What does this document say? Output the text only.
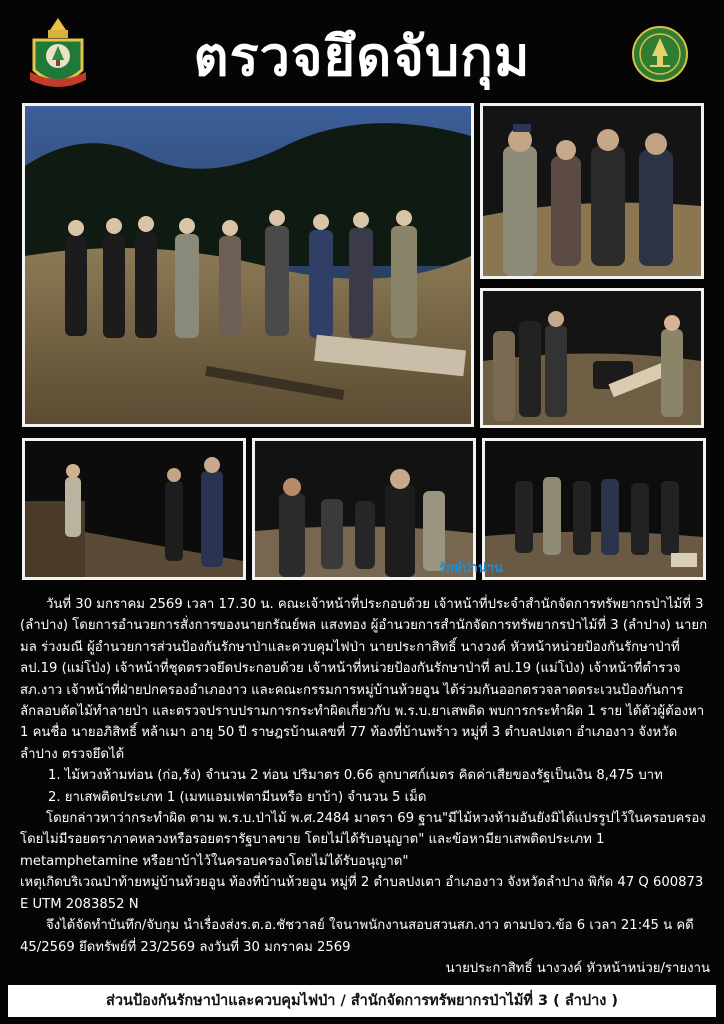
ตรวจยึดจับกุม
รักษ์ป่าน่าน

วันที่ 30 มกราคม 2569 เวลา 17.30 น. คณะเจ้าหน้าที่ประกอบด้วย เจ้าหน้าที่ประจำสำนักจัดการทรัพยากรป่าไม้ที่ 3 (ลำปาง) โดยการอำนวยการสั่งการของนายกรัณย์พล แสงทอง ผู้อำนวยการสำนักจัดการทรัพยากรป่าไม้ที่ 3 (ลำปาง) นายกมล ร่วงมณี ผู้อำนวยการส่วนป้องกันรักษาป่าและควบคุมไฟป่า นายประกาสิทธิ์ นางวงค์ หัวหน้าหน่วยป้องกันรักษาป่าที่ ลป.19 (แม่โป่ง) เจ้าหน้าที่ชุดตรวจยึดประกอบด้วย เจ้าหน้าที่หน่วยป้องกันรักษาป่าที่ ลป.19 (แม่โป่ง) เจ้าหน้าที่ตำรวจ สภ.งาว เจ้าหน้าที่ฝ่ายปกครองอำเภองาว และคณะกรรมการหมู่บ้านห้วยอูน ได้ร่วมกันออกตรวจลาดตระเวนป้องกันการลักลอบตัดไม้ทำลายป่า และตรวจปราบปรามการกระทำผิดเกี่ยวกับ พ.ร.บ.ยาเสพติด พบการกระทำผิด 1 ราย ได้ตัวผู้ต้องหา 1 คนชื่อ นายอภิสิทธิ์ หล้าเมา อายุ 50 ปี ราษฎรบ้านเลขที่ 77 ท้องที่บ้านพร้าว หมู่ที่ 3 ตำบลปงเตา อำเภองาว จังหวัดลำปาง ตรวจยึดได้

1. ไม้หวงห้ามท่อน (ก่อ,รัง) จำนวน 2 ท่อน ปริมาตร 0.66 ลูกบาศก์เมตร คิดค่าเสียของรัฐเป็นเงิน 8,475 บาท

2. ยาเสพติดประเภท 1 (เมทแอมเฟตามีนหรือ ยาบ้า) จำนวน 5 เม็ด

โดยกล่าวหาว่ากระทำผิด ตาม พ.ร.บ.ป่าไม้ พ.ศ.2484 มาตรา 69 ฐาน"มีไม้หวงห้ามอันยังมิได้แปรรูปไว้ในครอบครองโดยไม่มีรอยตราภาคหลวงหรือรอยตรารัฐบาลขาย โดยไม่ได้รับอนุญาต" และข้อหามียาเสพติดประเภท 1 metamphetamine หรือยาบ้าไว้ในครอบครองโดยไม่ได้รับอนุญาต"

เหตุเกิดบริเวณป่าท้ายหมู่บ้านห้วยอูน ท้องที่บ้านห้วยอูน หมู่ที่ 2 ตำบลปงเตา อำเภองาว จังหวัดลำปาง พิกัด 47 Q 600873 E UTM 2083852 N

จึงได้จัดทำบันทึก/จับกุม นำเรื่องส่งร.ต.อ.ชัชวาลย์ ใจนาพนักงานสอบสวนสภ.งาว ตามปจว.ข้อ 6 เวลา 21:45 น คดี 45/2569 ยึดทรัพย์ที่ 23/2569 ลงวันที่ 30 มกราคม 2569

นายประกาสิทธิ์ นางวงค์ หัวหน้าหน่วย/รายงาน

ส่วนป้องกันรักษาป่าและควบคุมไฟป่า / สำนักจัดการทรัพยากรป่าไม้ที่ 3 ( ลำปาง )
